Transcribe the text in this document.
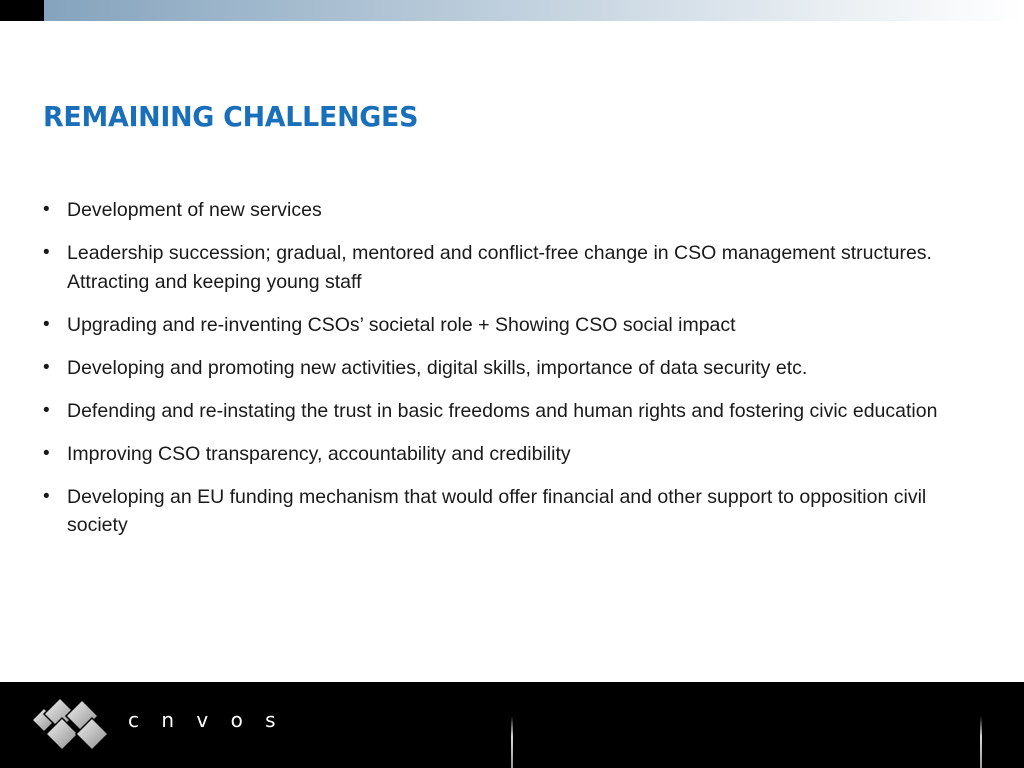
REMAINING CHALLENGES
• Development of new services
• Leadership succession; gradual, mentored and conflict-free change in CSO management structures. Attracting and keeping young staff
• Upgrading and re-inventing CSOs’ societal role + Showing CSO social impact
• Developing and promoting new activities, digital skills, importance of data security etc.
• Defending and re-instating the trust in basic freedoms and human rights and fostering civic education
• Improving CSO transparency, accountability and credibility
• Developing an EU funding mechanism that would offer financial and other support to opposition civil society
c n v o s
